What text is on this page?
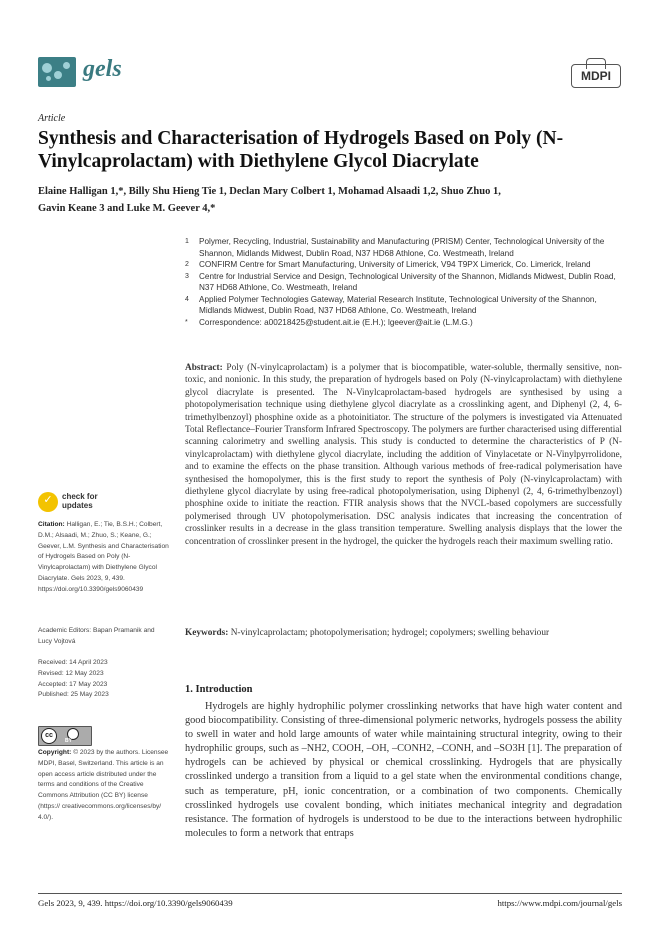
gels	MDPI
Article
Synthesis and Characterisation of Hydrogels Based on Poly (N-Vinylcaprolactam) with Diethylene Glycol Diacrylate
Elaine Halligan 1,*, Billy Shu Hieng Tie 1, Declan Mary Colbert 1, Mohamad Alsaadi 1,2, Shuo Zhuo 1,
Gavin Keane 3 and Luke M. Geever 4,*
1 Polymer, Recycling, Industrial, Sustainability and Manufacturing (PRISM) Center, Technological University of the Shannon, Midlands Midwest, Dublin Road, N37 HD68 Athlone, Co. Westmeath, Ireland
2 CONFIRM Centre for Smart Manufacturing, University of Limerick, V94 T9PX Limerick, Co. Limerick, Ireland
3 Centre for Industrial Service and Design, Technological University of the Shannon, Midlands Midwest, Dublin Road, N37 HD68 Athlone, Co. Westmeath, Ireland
4 Applied Polymer Technologies Gateway, Material Research Institute, Technological University of the Shannon, Midlands Midwest, Dublin Road, N37 HD68 Athlone, Co. Westmeath, Ireland
* Correspondence: a00218425@student.ait.ie (E.H.); lgeever@ait.ie (L.M.G.)
Abstract: Poly (N-vinylcaprolactam) is a polymer that is biocompatible, water-soluble, thermally sensitive, non-toxic, and nonionic. In this study, the preparation of hydrogels based on Poly (N-vinylcaprolactam) with diethylene glycol diacrylate is presented. The N-Vinylcaprolactam-based hydrogels are synthesised by using a photopolymerisation technique using diethylene glycol diacrylate as a crosslinking agent, and Diphenyl (2, 4, 6-trimethylbenzoyl) phosphine oxide as a photoinitiator. The structure of the polymers is investigated via Attenuated Total Reflectance–Fourier Transform Infrared Spectroscopy. The polymers are further characterised using differential scanning calorimetry and swelling analysis. This study is conducted to determine the characteristics of P (N-vinylcaprolactam) with diethylene glycol diacrylate, including the addition of Vinylacetate or N-Vinylpyrrolidone, and to examine the effects on the phase transition. Although various methods of free-radical polymerisation have synthesised the homopolymer, this is the first study to report the synthesis of Poly (N-vinylcaprolactam) with diethylene glycol diacrylate by using free-radical photopolymerisation, using Diphenyl (2, 4, 6-trimethylbenzoyl) phosphine oxide to initiate the reaction. FTIR analysis shows that the NVCL-based copolymers are successfully polymerised through UV photopolymerisation. DSC analysis indicates that increasing the concentration of crosslinker results in a decrease in the glass transition temperature. Swelling analysis displays that the lower the concentration of crosslinker present in the hydrogel, the quicker the hydrogels reach their maximum swelling ratio.
Keywords: N-vinylcaprolactam; photopolymerisation; hydrogel; copolymers; swelling behaviour
1. Introduction
Hydrogels are highly hydrophilic polymer crosslinking networks that have high water content and good biocompatibility. Consisting of three-dimensional polymeric networks, hydrogels possess the ability to swell in water and hold large amounts of water while maintaining structural integrity, owing to their hydrophilic groups, such as –NH2, COOH, –OH, –CONH2, –CONH, and –SO3H [1]. The preparation of hydrogels can be achieved by physical or chemical crosslinking. Hydrogels that are physically crosslinked undergo a transition from a liquid to a gel state when the environmental conditions change, such as temperature, pH, ionic concentration, or a combination of two components. Chemically crosslinked hydrogels use covalent bonding, which initiates mechanical integrity and degradation resistance. The formation of hydrogels is understood to be due to the interactions between hydrophilic molecules to form a network that entraps
✓ check for
updates
Citation: Halligan, E.; Tie, B.S.H.; Colbert, D.M.; Alsaadi, M.; Zhuo, S.; Keane, G.; Geever, L.M. Synthesis and Characterisation of Hydrogels Based on Poly (N-Vinylcaprolactam) with Diethylene Glycol Diacrylate. Gels 2023, 9, 439. https://doi.org/10.3390/gels9060439
Academic Editors: Bapan Pramanik and Lucy Vojtová
Received: 14 April 2023
Revised: 12 May 2023
Accepted: 17 May 2023
Published: 25 May 2023
cc
BY
Copyright: © 2023 by the authors. Licensee MDPI, Basel, Switzerland. This article is an open access article distributed under the terms and conditions of the Creative Commons Attribution (CC BY) license (https:// creativecommons.org/licenses/by/ 4.0/).
Gels 2023, 9, 439. https://doi.org/10.3390/gels9060439	https://www.mdpi.com/journal/gels
